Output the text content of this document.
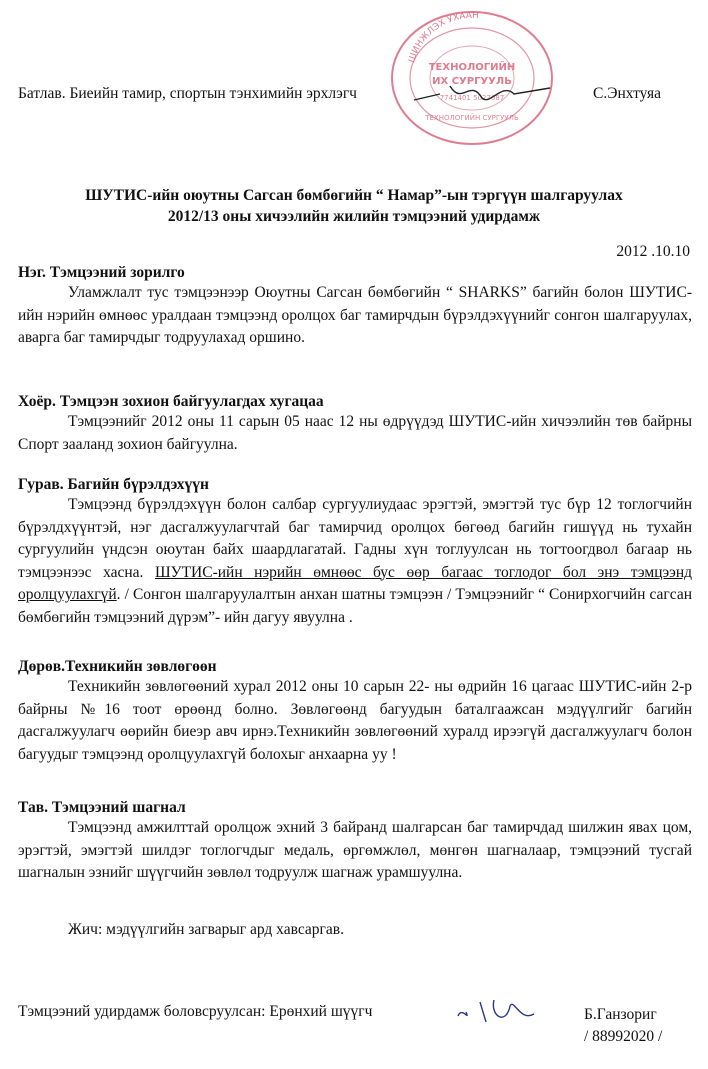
ШИНЖЛЭХ УХААН
ТЕХНОЛОГИЙН
ИХ СУРГУУЛЬ
ТЕХНОЛОГИЙН СУРГУУЛЬ
7741401 5027087
Батлав. Биеийн тамир, спортын тэнхимийн эрхлэгч	С.Энхтуяа
ШУТИС-ийн оюутны Сагсан бөмбөгийн “ Намар”-ын тэргүүн шалгаруулах
2012/13 оны хичээлийн жилийн тэмцээний удирдамж
2012 .10.10
Нэг. Тэмцээний зорилго
Уламжлалт тус тэмцээнээр Оюутны Сагсан бөмбөгийн “ SHARKS” багийн болон ШУТИС-ийн нэрийн өмнөөс уралдаан тэмцээнд оролцох баг тамирчдын бүрэлдэхүүнийг сонгон шалгаруулах, аварга баг тамирчдыг тодруулахад оршино.
Хоёр. Тэмцээн зохион байгуулагдах хугацаа
Тэмцээнийг 2012 оны 11 сарын 05 наас 12 ны өдрүүдэд ШУТИС-ийн хичээлийн төв байрны Спорт зааланд зохион байгуулна.
Гурав. Багийн бүрэлдэхүүн
Тэмцээнд бүрэлдэхүүн болон салбар сургуулиудаас эрэгтэй, эмэгтэй тус бүр 12 тоглогчийн бүрэлдхүүнтэй, нэг дасгалжуулагчтай баг тамирчид оролцох бөгөөд багийн гишүүд нь тухайн сургуулийн үндсэн оюутан байх шаардлагатай. Гадны хүн тоглуулсан нь тогтоогдвол багаар нь тэмцээнээс хасна. ШУТИС-ийн нэрийн өмнөөс бус өөр багаас тоглодог бол энэ тэмцээнд оролцуулахгүй. / Сонгон шалгаруулалтын анхан шатны тэмцээн / Тэмцээнийг “ Сонирхогчийн сагсан бөмбөгийн тэмцээний дүрэм”- ийн дагуу явуулна .
Дөрөв.Техникийн зөвлөгөөн
Техникийн зөвлөгөөний хурал 2012 оны 10 сарын 22- ны өдрийн 16 цагаас ШУТИС-ийн 2-р байрны №16 тоот өрөөнд болно. Зөвлөгөөнд багуудын баталгаажсан мэдүүлгийг багийн дасгалжуулагч өөрийн биеэр авч ирнэ.Техникийн зөвлөгөөний хуралд ирээгүй дасгалжуулагч болон багуудыг тэмцээнд оролцуулахгүй болохыг анхаарна уу !
Тав. Тэмцээний шагнал
Тэмцээнд амжилттай оролцож эхний 3 байранд шалгарсан баг тамирчдад шилжин явах цом, эрэгтэй, эмэгтэй шилдэг тоглогчдыг медаль, өргөмжлөл, мөнгөн шагналаар, тэмцээний тусгай шагналын эзнийг шүүгчийн зөвлөл тодруулж шагнаж урамшуулна.
Жич: мэдүүлгийн загварыг ард хавсаргав.
Тэмцээний удирдамж боловсруулсан: Ерөнхий шүүгч	Б.Ганзориг
/ 88992020 /
